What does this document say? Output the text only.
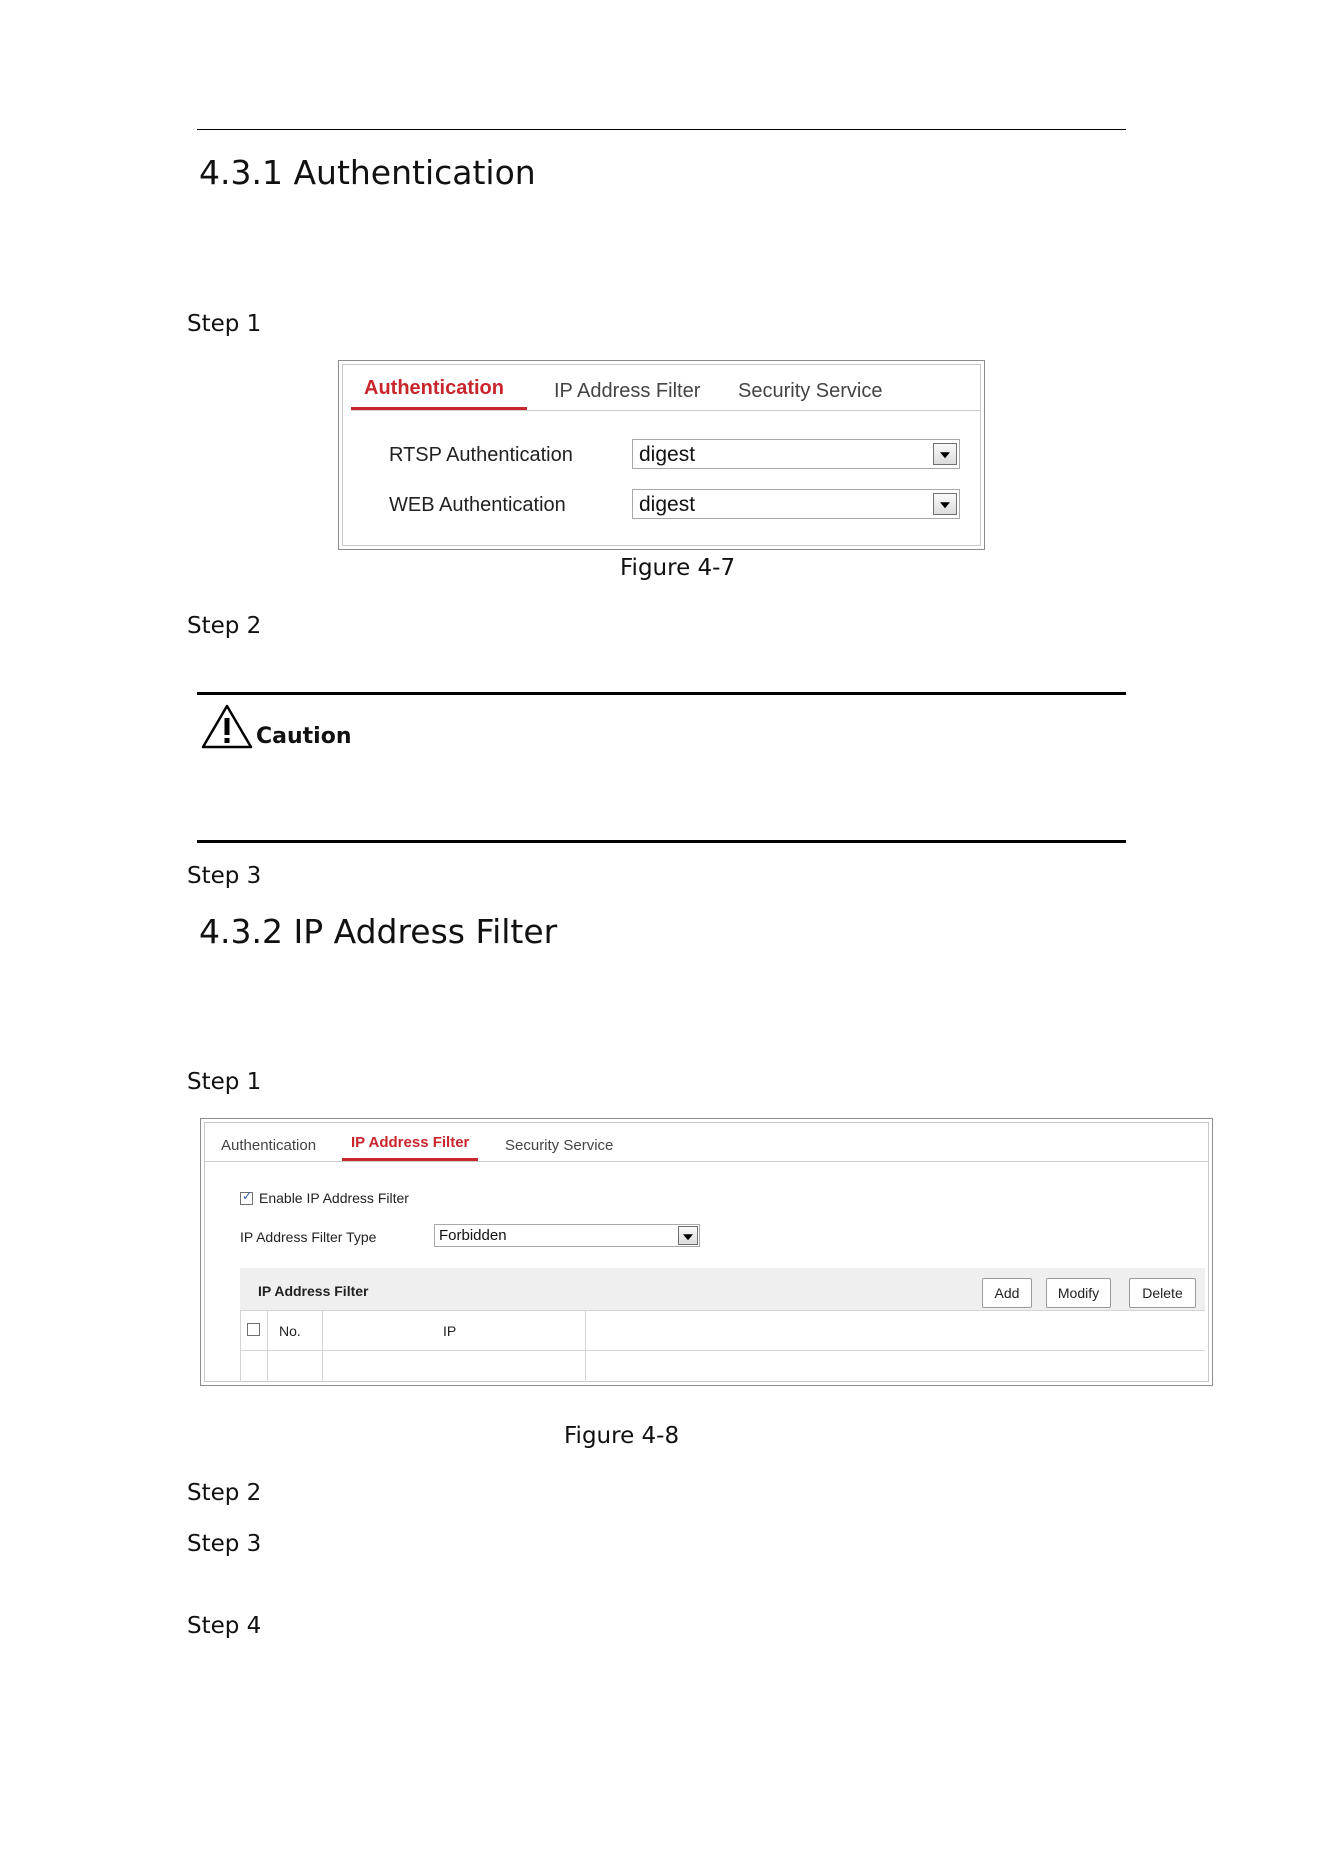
4.3.1 Authentication
Step 1
Authentication	IP Address Filter Security Service
RTSP Authentication	digest
WEB Authentication	digest
Figure 4-7
Step 2
Caution
Step 3
4.3.2 IP Address Filter
Step 1
Authentication IP Address Filter Security Service
✓
Enable IP Address Filter
IP Address Filter Type	Forbidden
IP Address Filter	Add	Modify	Delete
No.	IP
Figure 4-8
Step 2
Step 3
Step 4
